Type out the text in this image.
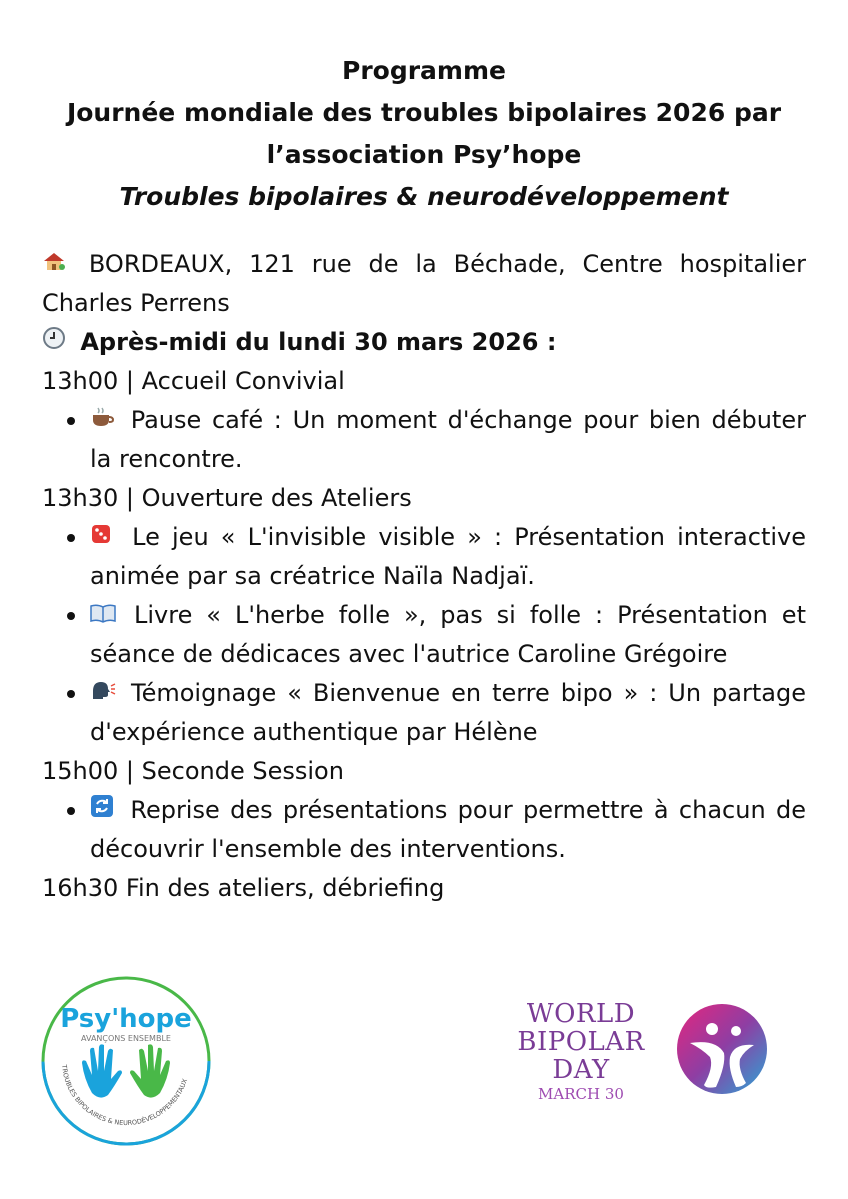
Programme
Journée mondiale des troubles bipolaires 2026 par
l’association Psy’hope
Troubles bipolaires & neurodéveloppement
BORDEAUX, 121 rue de la Béchade, Centre hospitalier Charles Perrens
Après-midi du lundi 30 mars 2026 :
13h00 | Accueil Convivial
Pause café : Un moment d'échange pour bien débuter la rencontre.
13h30 | Ouverture des Ateliers
Le jeu « L'invisible visible » : Présentation interactive animée par sa créatrice Naïla Nadjaï.
Livre « L'herbe folle », pas si folle : Présentation et séance de dédicaces avec l'autrice Caroline Grégoire
Témoignage « Bienvenue en terre bipo » : Un partage d'expérience authentique par Hélène
15h00 | Seconde Session
Reprise des présentations pour permettre à chacun de découvrir l'ensemble des interventions.
16h30 Fin des ateliers, débriefing
Psy'hope
AVANÇONS ENSEMBLE
TROUBLES BIPOLAIRES & NEURODÉVELOPPEMENTAUX
WORLD
BIPOLAR
DAY
MARCH 30
